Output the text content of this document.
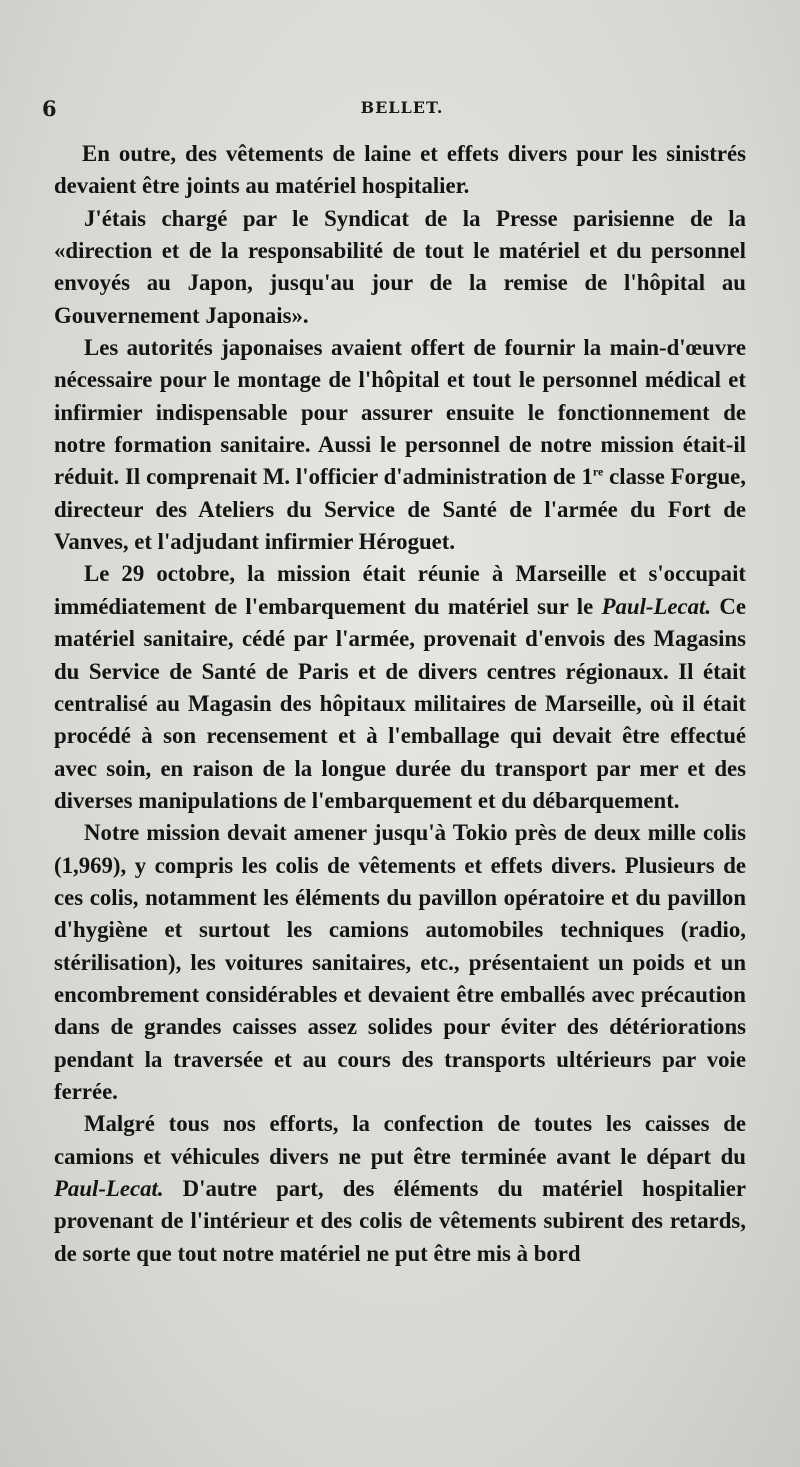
6	BELLET.

En outre, des vêtements de laine et effets divers pour les sinistrés devaient être joints au matériel hospitalier.

J'étais chargé par le Syndicat de la Presse parisienne de la «direction et de la responsabilité de tout le matériel et du personnel envoyés au Japon, jusqu'au jour de la remise de l'hôpital au Gouvernement Japonais».

Les autorités japonaises avaient offert de fournir la main-d'œuvre nécessaire pour le montage de l'hôpital et tout le personnel médical et infirmier indispensable pour assurer ensuite le fonctionnement de notre formation sanitaire. Aussi le personnel de notre mission était-il réduit. Il comprenait M. l'officier d'administration de 1re classe Forgue, directeur des Ateliers du Service de Santé de l'armée du Fort de Vanves, et l'adjudant infirmier Héroguet.

Le 29 octobre, la mission était réunie à Marseille et s'occupait immédiatement de l'embarquement du matériel sur le Paul-Lecat. Ce matériel sanitaire, cédé par l'armée, provenait d'envois des Magasins du Service de Santé de Paris et de divers centres régionaux. Il était centralisé au Magasin des hôpitaux militaires de Marseille, où il était procédé à son recensement et à l'emballage qui devait être effectué avec soin, en raison de la longue durée du transport par mer et des diverses manipulations de l'embarquement et du débarquement.

Notre mission devait amener jusqu'à Tokio près de deux mille colis (1,969), y compris les colis de vêtements et effets divers. Plusieurs de ces colis, notamment les éléments du pavillon opératoire et du pavillon d'hygiène et surtout les camions automobiles techniques (radio, stérilisation), les voitures sanitaires, etc., présentaient un poids et un encombrement considérables et devaient être emballés avec précaution dans de grandes caisses assez solides pour éviter des détériorations pendant la traversée et au cours des transports ultérieurs par voie ferrée.

Malgré tous nos efforts, la confection de toutes les caisses de camions et véhicules divers ne put être terminée avant le départ du Paul-Lecat. D'autre part, des éléments du matériel hospitalier provenant de l'intérieur et des colis de vêtements subirent des retards, de sorte que tout notre matériel ne put être mis à bord
